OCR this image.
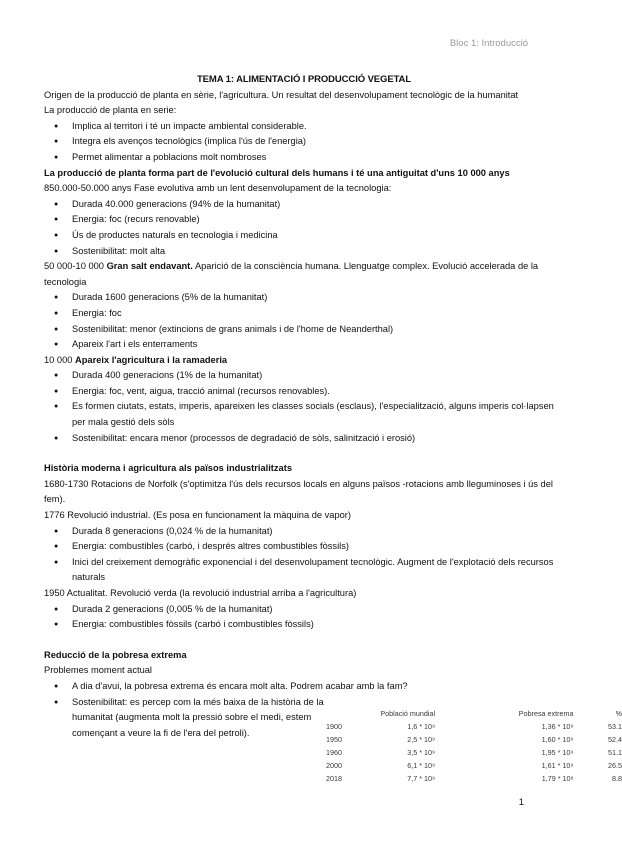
Bloc 1: Introducció
TEMA 1: ALIMENTACIÓ I PRODUCCIÓ VEGETAL
Origen de la producció de planta en sèrie, l'agricultura. Un resultat del desenvolupament tecnològic de la humanitat
La producció de planta en serie:
● Implica al territori i té un impacte ambiental considerable.
● Integra els avenços tecnològics (implica l'ús de l'energia)
● Permet alimentar a poblacions molt nombroses
La producció de planta forma part de l'evolució cultural dels humans i té una antiguitat d'uns 10 000 anys
850.000-50.000 anys Fase evolutiva amb un lent desenvolupament de la tecnologia:
● Durada 40.000 generacions (94% de la humanitat)
● Energia: foc (recurs renovable)
● Ús de productes naturals en tecnologia i medicina
● Sostenibilitat: molt alta
50 000-10 000 Gran salt endavant. Aparició de la consciència humana. Llenguatge complex. Evolució accelerada de la tecnologia
● Durada 1600 generacions (5% de la humanitat)
● Energia: foc
● Sostenibilitat: menor (extincions de grans animals i de l'home de Neanderthal)
● Apareix l'art i els enterraments
10 000 Apareix l'agricultura i la ramaderia
● Durada 400 generacions (1% de la humanitat)
● Energia: foc, vent, aigua, tracció animal (recursos renovables).
● Es formen ciutats, estats, imperis, apareixen les classes socials (esclaus), l'especialització, alguns imperis col·lapsen per mala gestió dels sòls
● Sostenibilitat: encara menor (processos de degradació de sòls, salinització i erosió)
Història moderna i agricultura als països industrialitzats
1680-1730 Rotacions de Norfolk (s'optimitza l'ús dels recursos locals en alguns països -rotacions amb lleguminoses i ús del fem).
1776 Revolució industrial. (Es posa en funcionament la màquina de vapor)
● Durada 8 generacions (0,024 % de la humanitat)
● Energia: combustibles (carbó, i després altres combustibles fòssils)
● Inici del creixement demogràfic exponencial i del desenvolupament tecnològic. Augment de l'explotació dels recursos naturals
1950 Actualitat. Revolució verda (la revolució industrial arriba a l'agricultura)
● Durada 2 generacions (0,005 % de la humanitat)
● Energia: combustibles fòssils (carbó i combustibles fòssils)
Reducció de la pobresa extrema
Problemes moment actual
● A dia d'avui, la pobresa extrema és encara molt alta. Podrem acabar amb la fam?
● Sostenibilitat: es percep com la més baixa de la història de la humanitat (augmenta molt la pressió sobre el medi, estem començant a veure la fi de l'era del petroli).
	Població mundial	Pobresa extrema	%
1900	1,6 * 10⁹	1,36 * 10⁹	53.1
1950	2,5 * 10⁹	1,60 * 10⁹	52.4
1960	3,5 * 10⁹	1,95 * 10⁹	51.1
2000	6,1 * 10⁹	1,61 * 10⁹	26.5
2018	7,7 * 10⁹	1,79 * 10⁸	8.8
1
